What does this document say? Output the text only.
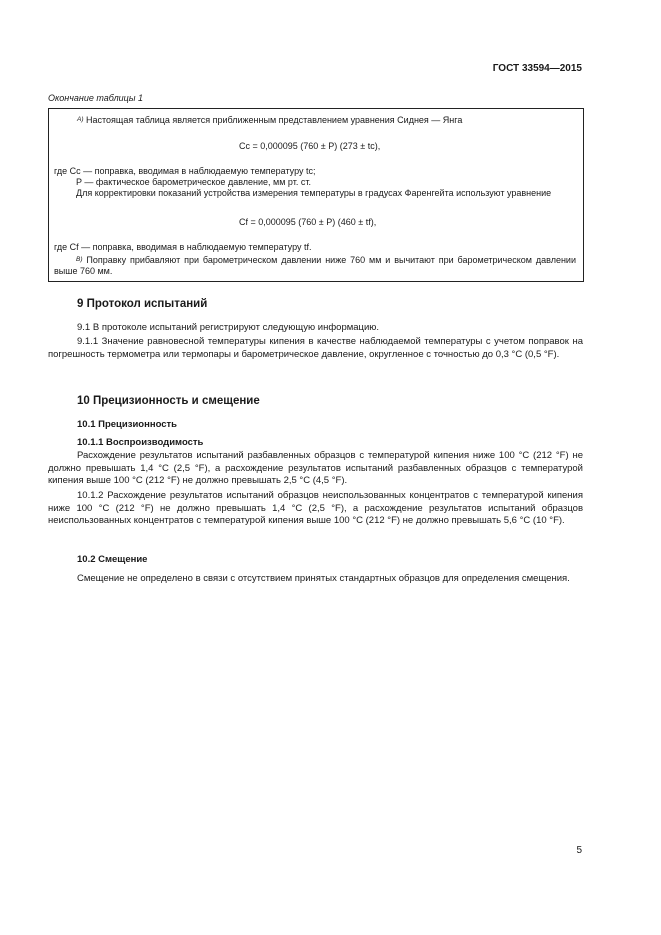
ГОСТ 33594—2015
Окончание таблицы 1
$^{A)}$ Настоящая таблица является приближенным представлением уравнения Сиднея — Янга
Cc = 0,000095 (760 ± P) (273 ± tc),
где Cc — поправка, вводимая в наблюдаемую температуру tc;
P — фактическое барометрическое давление, мм рт. ст.
Для корректировки показаний устройства измерения температуры в градусах Фаренгейта используют уравнение
Cf = 0,000095 (760 ± P) (460 ± tf),
где Cf — поправка, вводимая в наблюдаемую температуру tf.
$^{B)}$ Поправку прибавляют при барометрическом давлении ниже 760 мм и вычитают при барометрическом давлении выше 760 мм.
9 Протокол испытаний
9.1 В протоколе испытаний регистрируют следующую информацию.
9.1.1 Значение равновесной температуры кипения в качестве наблюдаемой температуры с учетом поправок на погрешность термометра или термопары и барометрическое давление, округленное с точностью до 0,3 °С (0,5 °F).
10 Прецизионность и смещение
10.1 Прецизионность
10.1.1 Воспроизводимость
Расхождение результатов испытаний разбавленных образцов с температурой кипения ниже 100 °С (212 °F) не должно превышать 1,4 °С (2,5 °F), а расхождение результатов испытаний разбавленных образцов с температурой кипения выше 100 °С (212 °F) не должно превышать 2,5 °С (4,5 °F).
10.1.2 Расхождение результатов испытаний образцов неиспользованных концентратов с температурой кипения ниже 100 °С (212 °F) не должно превышать 1,4 °С (2,5 °F), а расхождение результатов испытаний образцов неиспользованных концентратов с температурой кипения выше 100 °С (212 °F) не должно превышать 5,6 °С (10 °F).
10.2 Смещение
Смещение не определено в связи с отсутствием принятых стандартных образцов для определения смещения.
5
